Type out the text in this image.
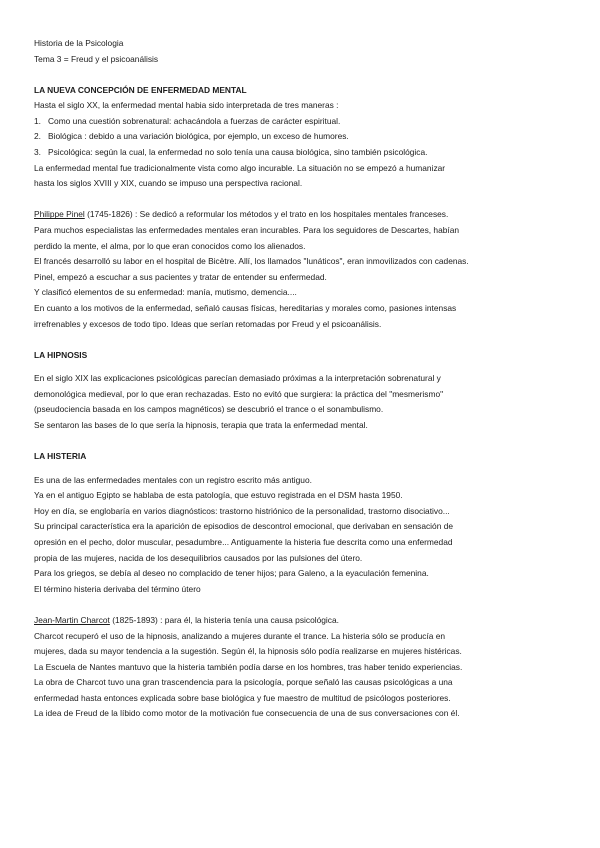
Historia de la Psicologia
Tema 3 = Freud y el psicoanálisis
LA NUEVA CONCEPCIÓN DE ENFERMEDAD MENTAL
Hasta el siglo XX, la enfermedad mental habia sido interpretada de tres maneras :
1. Como una cuestión sobrenatural: achacándola a fuerzas de carácter espiritual.
2. Biológica : debido a una variación biológica, por ejemplo, un exceso de humores.
3. Psicológica: según la cual, la enfermedad no solo tenía una causa biológica, sino también psicológica.
La enfermedad mental fue tradicionalmente vista como algo incurable. La situación no se empezó a humanizar
hasta los siglos XVIII y XIX, cuando se impuso una perspectiva racional.
Philippe Pinel (1745-1826) : Se dedicó a reformular los métodos y el trato en los hospitales mentales franceses.
Para muchos especialistas las enfermedades mentales eran incurables. Para los seguidores de Descartes, habían
perdido la mente, el alma, por lo que eran conocidos como los alienados.
El francés desarrolló su labor en el hospital de Bicètre. Allí, los llamados "lunáticos", eran inmovilizados con cadenas.
Pinel, empezó a escuchar a sus pacientes y tratar de entender su enfermedad.
Y clasificó elementos de su enfermedad: manía, mutismo, demencia....
En cuanto a los motivos de la enfermedad, señaló causas físicas, hereditarias y morales como, pasiones intensas
irrefrenables y excesos de todo tipo. Ideas que serían retomadas por Freud y el psicoanálisis.
LA HIPNOSIS
En el siglo XIX las explicaciones psicológicas parecían demasiado próximas a la interpretación sobrenatural y
demonológica medieval, por lo que eran rechazadas. Esto no evitó que surgiera: la práctica del "mesmerismo"
(pseudociencia basada en los campos magnéticos) se descubrió el trance o el sonambulismo.
Se sentaron las bases de lo que sería la hipnosis, terapia que trata la enfermedad mental.
LA HISTERIA
Es una de las enfermedades mentales con un registro escrito más antiguo.
Ya en el antiguo Egipto se hablaba de esta patología, que estuvo registrada en el DSM hasta 1950.
Hoy en día, se englobaría en varios diagnósticos: trastorno histriónico de la personalidad, trastorno disociativo...
Su principal característica era la aparición de episodios de descontrol emocional, que derivaban en sensación de
opresión en el pecho, dolor muscular, pesadumbre... Antiguamente la histeria fue descrita como una enfermedad
propia de las mujeres, nacida de los desequilibrios causados por las pulsiones del útero.
Para los griegos, se debía al deseo no complacido de tener hijos; para Galeno, a la eyaculación femenina.
El término histeria derivaba del término útero
Jean-Martin Charcot (1825-1893) : para él, la histeria tenía una causa psicológica.
Charcot recuperó el uso de la hipnosis, analizando a mujeres durante el trance. La histeria sólo se producía en
mujeres, dada su mayor tendencia a la sugestión. Según él, la hipnosis sólo podía realizarse en mujeres histéricas.
La Escuela de Nantes mantuvo que la histeria también podía darse en los hombres, tras haber tenido experiencias.
La obra de Charcot tuvo una gran trascendencia para la psicología, porque señaló las causas psicológicas a una
enfermedad hasta entonces explicada sobre base biológica y fue maestro de multitud de psicólogos posteriores.
La idea de Freud de la líbido como motor de la motivación fue consecuencia de una de sus conversaciones con él.
